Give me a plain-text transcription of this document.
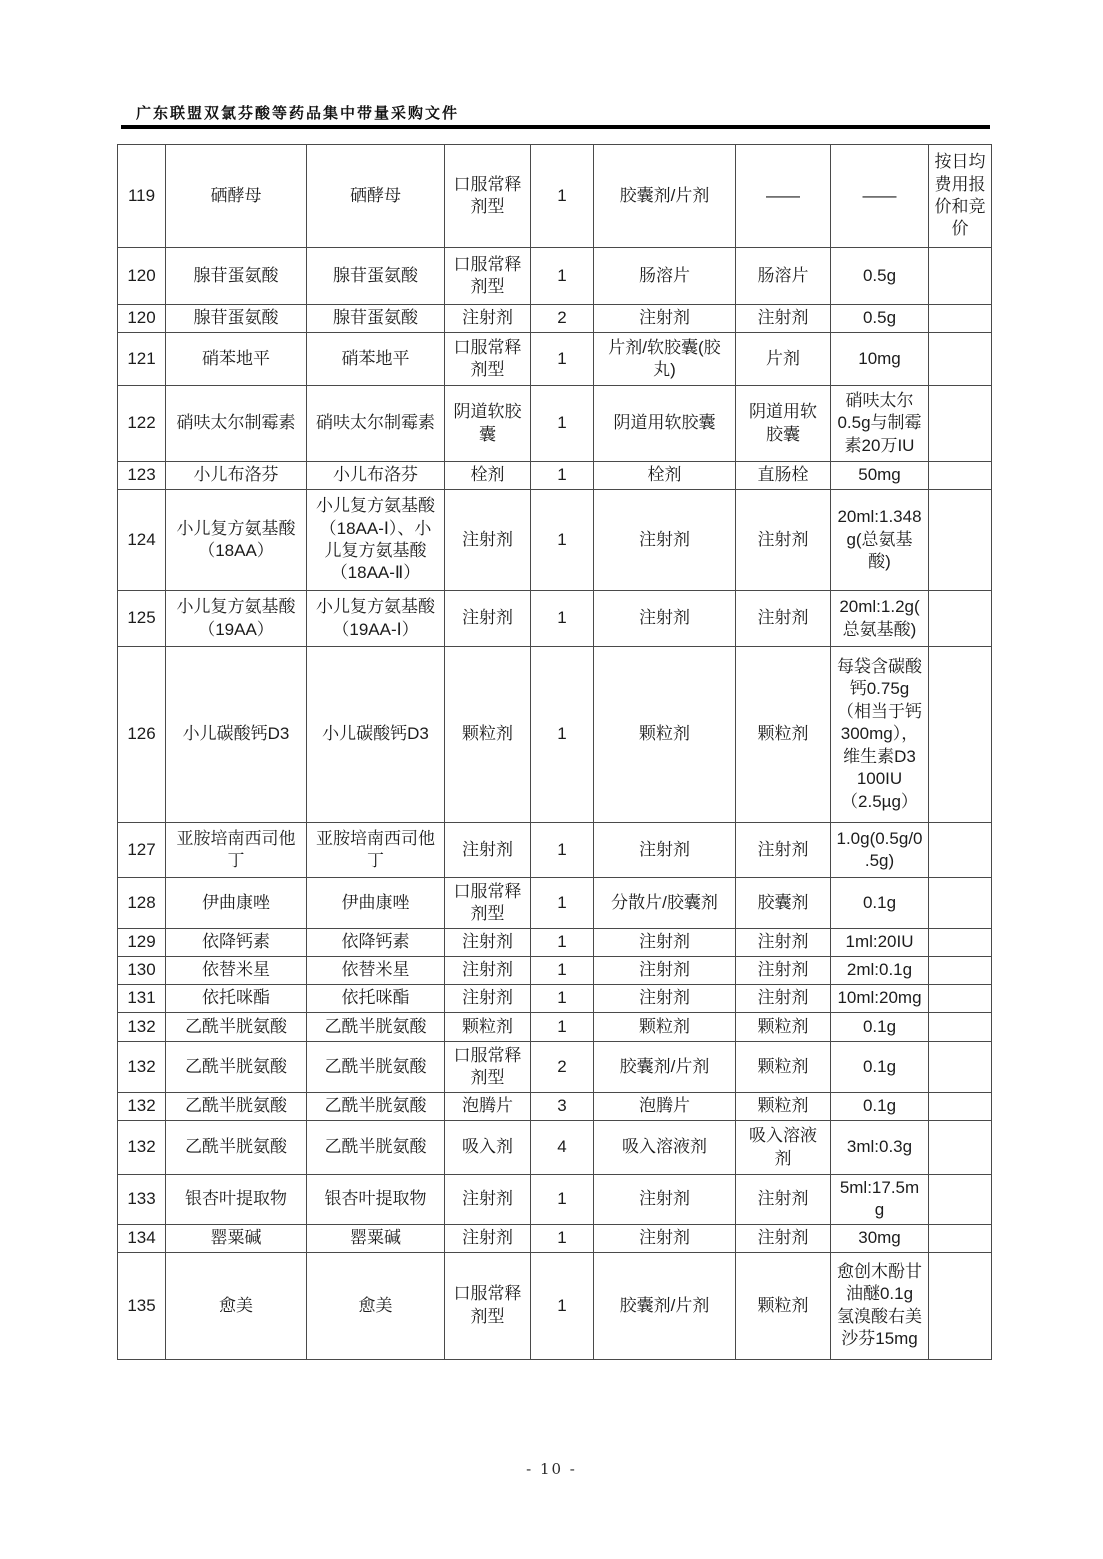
广东联盟双氯芬酸等药品集中带量采购文件
119	硒酵母	硒酵母	口服常释剂型	1	胶囊剂/片剂	——	——	按日均费用报价和竞价
120	腺苷蛋氨酸	腺苷蛋氨酸	口服常释剂型	1	肠溶片	肠溶片	0.5g	
120	腺苷蛋氨酸	腺苷蛋氨酸	注射剂	2	注射剂	注射剂	0.5g	
121	硝苯地平	硝苯地平	口服常释剂型	1	片剂/软胶囊(胶丸)	片剂	10mg	
122	硝呋太尔制霉素	硝呋太尔制霉素	阴道软胶囊	1	阴道用软胶囊	阴道用软胶囊	硝呋太尔0.5g与制霉素20万IU	
123	小儿布洛芬	小儿布洛芬	栓剂	1	栓剂	直肠栓	50mg	
124	小儿复方氨基酸（18AA）	小儿复方氨基酸（18AA-Ⅰ）、小儿复方氨基酸（18AA-Ⅱ）	注射剂	1	注射剂	注射剂	20ml:1.348g(总氨基酸)	
125	小儿复方氨基酸（19AA）	小儿复方氨基酸（19AA-Ⅰ）	注射剂	1	注射剂	注射剂	20ml:1.2g(总氨基酸)	
126	小儿碳酸钙D3	小儿碳酸钙D3	颗粒剂	1	颗粒剂	颗粒剂	每袋含碳酸钙0.75g（相当于钙300mg），维生素D3 100IU（2.5µg）	
127	亚胺培南西司他丁	亚胺培南西司他丁	注射剂	1	注射剂	注射剂	1.0g(0.5g/0.5g)	
128	伊曲康唑	伊曲康唑	口服常释剂型	1	分散片/胶囊剂	胶囊剂	0.1g	
129	依降钙素	依降钙素	注射剂	1	注射剂	注射剂	1ml:20IU	
130	依替米星	依替米星	注射剂	1	注射剂	注射剂	2ml:0.1g	
131	依托咪酯	依托咪酯	注射剂	1	注射剂	注射剂	10ml:20mg	
132	乙酰半胱氨酸	乙酰半胱氨酸	颗粒剂	1	颗粒剂	颗粒剂	0.1g	
132	乙酰半胱氨酸	乙酰半胱氨酸	口服常释剂型	2	胶囊剂/片剂	颗粒剂	0.1g	
132	乙酰半胱氨酸	乙酰半胱氨酸	泡腾片	3	泡腾片	颗粒剂	0.1g	
132	乙酰半胱氨酸	乙酰半胱氨酸	吸入剂	4	吸入溶液剂	吸入溶液剂	3ml:0.3g	
133	银杏叶提取物	银杏叶提取物	注射剂	1	注射剂	注射剂	5ml:17.5mg	
134	罂粟碱	罂粟碱	注射剂	1	注射剂	注射剂	30mg	
135	愈美	愈美	口服常释剂型	1	胶囊剂/片剂	颗粒剂	愈创木酚甘油醚0.1g 氢溴酸右美沙芬15mg	
- 10 -
